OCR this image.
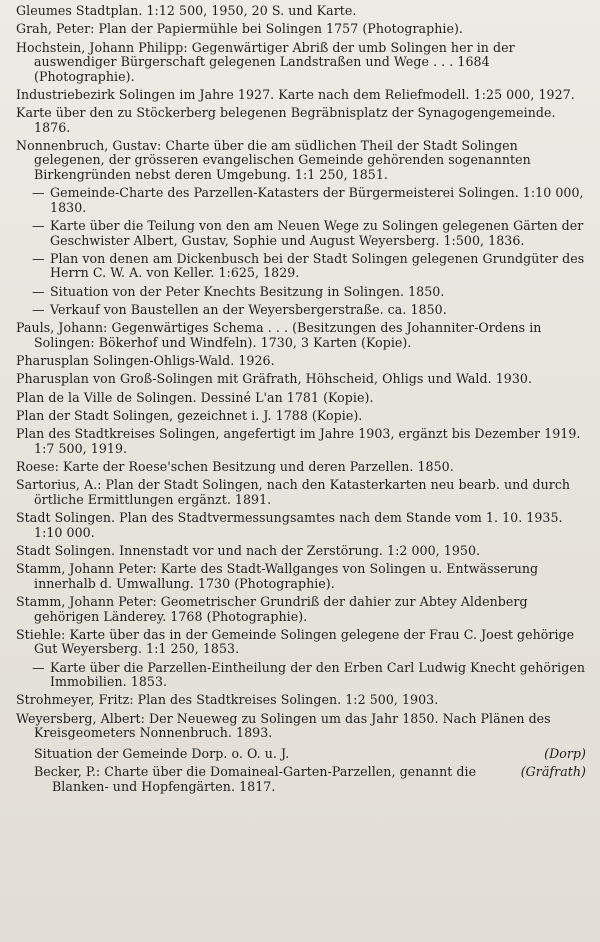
Gleumes Stadtplan. 1:12 500, 1950, 20 S. und Karte.
Grah, Peter: Plan der Papiermühle bei Solingen 1757 (Photographie).
Hochstein, Johann Philipp: Gegenwärtiger Abriß der umb Solingen her in der auswendiger Bürgerschaft gelegenen Landstraßen und Wege . . . 1684 (Photographie).
Industriebezirk Solingen im Jahre 1927. Karte nach dem Reliefmodell. 1:25 000, 1927.
Karte über den zu Stöckerberg belegenen Begräbnisplatz der Synagogengemeinde. 1876.
Nonnenbruch, Gustav: Charte über die am südlichen Theil der Stadt Solingen gelegenen, der grösseren evangelischen Gemeinde gehörenden sogenannten Birkengründen nebst deren Umgebung. 1:1 250, 1851.
— Gemeinde-Charte des Parzellen-Katasters der Bürgermeisterei Solingen. 1:10 000, 1830.
— Karte über die Teilung von den am Neuen Wege zu Solingen gelegenen Gärten der Geschwister Albert, Gustav, Sophie und August Weyersberg. 1:500, 1836.
— Plan von denen am Dickenbusch bei der Stadt Solingen gelegenen Grundgüter des Herrn C. W. A. von Keller. 1:625, 1829.
— Situation von der Peter Knechts Besitzung in Solingen. 1850.
— Verkauf von Baustellen an der Weyersbergerstraße. ca. 1850.
Pauls, Johann: Gegenwärtiges Schema . . . (Besitzungen des Johanniter-Ordens in Solingen: Bökerhof und Windfeln). 1730, 3 Karten (Kopie).
Pharusplan Solingen-Ohligs-Wald. 1926.
Pharusplan von Groß-Solingen mit Gräfrath, Höhscheid, Ohligs und Wald. 1930.
Plan de la Ville de Solingen. Dessiné L'an 1781 (Kopie).
Plan der Stadt Solingen, gezeichnet i. J. 1788 (Kopie).
Plan des Stadtkreises Solingen, angefertigt im Jahre 1903, ergänzt bis Dezember 1919. 1:7 500, 1919.
Roese: Karte der Roese'schen Besitzung und deren Parzellen. 1850.
Sartorius, A.: Plan der Stadt Solingen, nach den Katasterkarten neu bearb. und durch örtliche Ermittlungen ergänzt. 1891.
Stadt Solingen. Plan des Stadtvermessungsamtes nach dem Stande vom 1. 10. 1935. 1:10 000.
Stadt Solingen. Innenstadt vor und nach der Zerstörung. 1:2 000, 1950.
Stamm, Johann Peter: Karte des Stadt-Wallganges von Solingen u. Entwässerung innerhalb d. Umwallung. 1730 (Photographie).
Stamm, Johann Peter: Geometrischer Grundriß der dahier zur Abtey Aldenberg gehörigen Länderey. 1768 (Photographie).
Stiehle: Karte über das in der Gemeinde Solingen gelegene der Frau C. Joest gehörige Gut Weyersberg. 1:1 250, 1853.
— Karte über die Parzellen-Eintheilung der den Erben Carl Ludwig Knecht gehörigen Immobilien. 1853.
Strohmeyer, Fritz: Plan des Stadtkreises Solingen. 1:2 500, 1903.
Weyersberg, Albert: Der Neueweg zu Solingen um das Jahr 1850. Nach Plänen des Kreisgeometers Nonnenbruch. 1893.
Situation der Gemeinde Dorp. o. O. u. J.	(Dorp)
Becker, P.: Charte über die Domaineal-Garten-Parzellen, genannt die Blanken- und Hopfengärten. 1817.
(Gräfrath)
